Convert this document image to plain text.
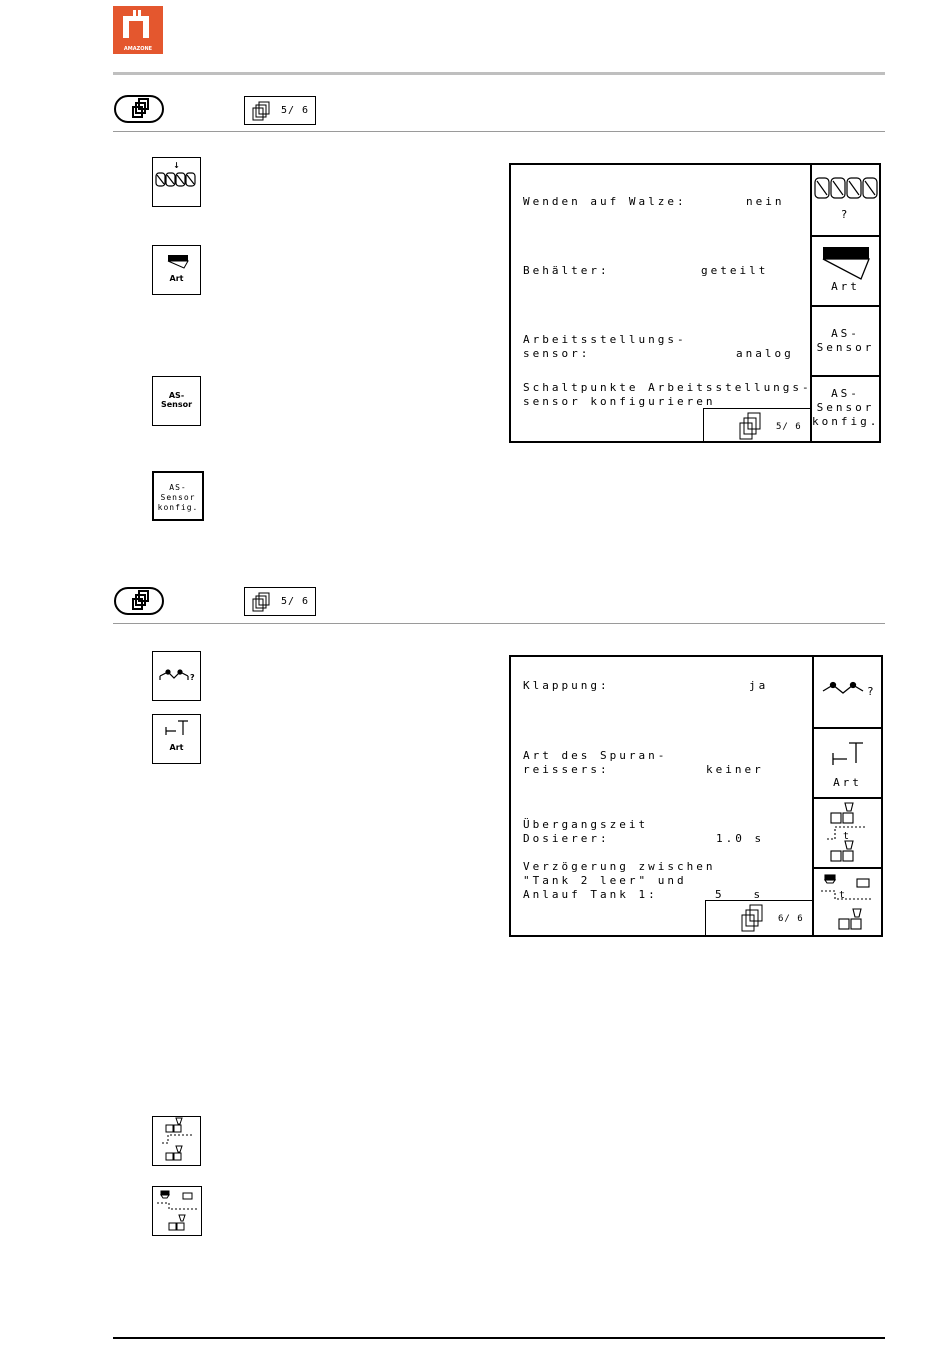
AMAZONE
5/ 6
↓
Art
AS-
Sensor
AS-
Sensor
konfig.
Wenden auf Walze:	nein
Behälter:	geteilt
Arbeitsstellungs-
sensor:	analog
Schaltpunkte Arbeitsstellungs-
sensor konfigurieren
5/ 6
?
Art
AS-
Sensor
AS-
Sensor
konfig.
5/ 6
?
Art
Klappung:	ja
Art des Spuran-
reissers:	keiner
Übergangszeit
Dosierer:	1.0 s
Verzögerung zwischen
"Tank 2 leer" und
Anlauf Tank 1:	5   s
6/ 6
?
Art
t
t
